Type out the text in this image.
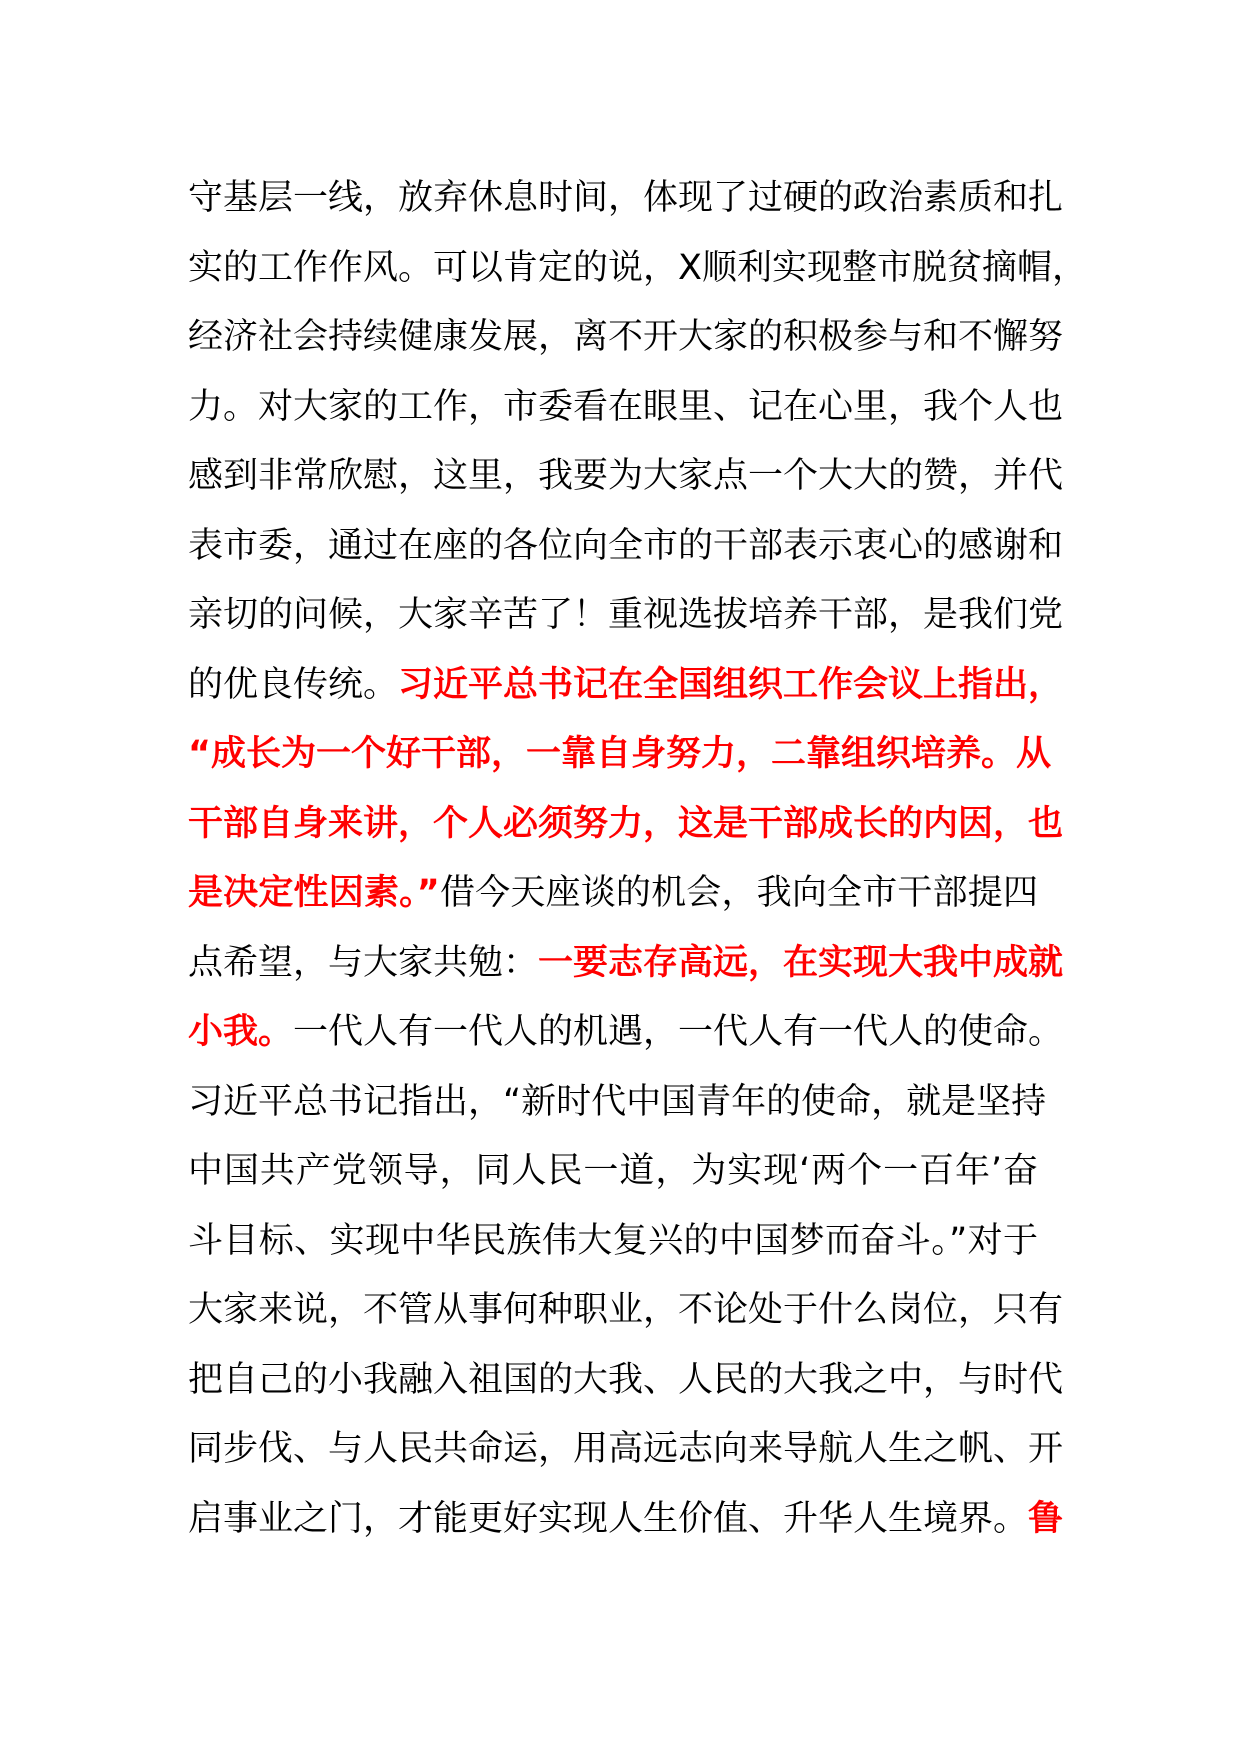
守基层一线，放弃休息时间，体现了过硬的政治素质和扎
实的工作作风。可以肯定的说，X顺利实现整市脱贫摘帽，
经济社会持续健康发展，离不开大家的积极参与和不懈努
力。对大家的工作，市委看在眼里、记在心里，我个人也
感到非常欣慰，这里，我要为大家点一个大大的赞，并代
表市委，通过在座的各位向全市的干部表示衷心的感谢和
亲切的问候，大家辛苦了！重视选拔培养干部，是我们党
的优良传统。习近平总书记在全国组织工作会议上指出，
“成长为一个好干部，一靠自身努力，二靠组织培养。从
干部自身来讲，个人必须努力，这是干部成长的内因，也
是决定性因素。”借今天座谈的机会，我向全市干部提四
点希望，与大家共勉：一要志存高远，在实现大我中成就
小我。一代人有一代人的机遇，一代人有一代人的使命。
习近平总书记指出，“新时代中国青年的使命，就是坚持
中国共产党领导，同人民一道，为实现‘两个一百年’奋
斗目标、实现中华民族伟大复兴的中国梦而奋斗。”对于
大家来说，不管从事何种职业，不论处于什么岗位，只有
把自己的小我融入祖国的大我、人民的大我之中，与时代
同步伐、与人民共命运，用高远志向来导航人生之帆、开
启事业之门，才能更好实现人生价值、升华人生境界。鲁
